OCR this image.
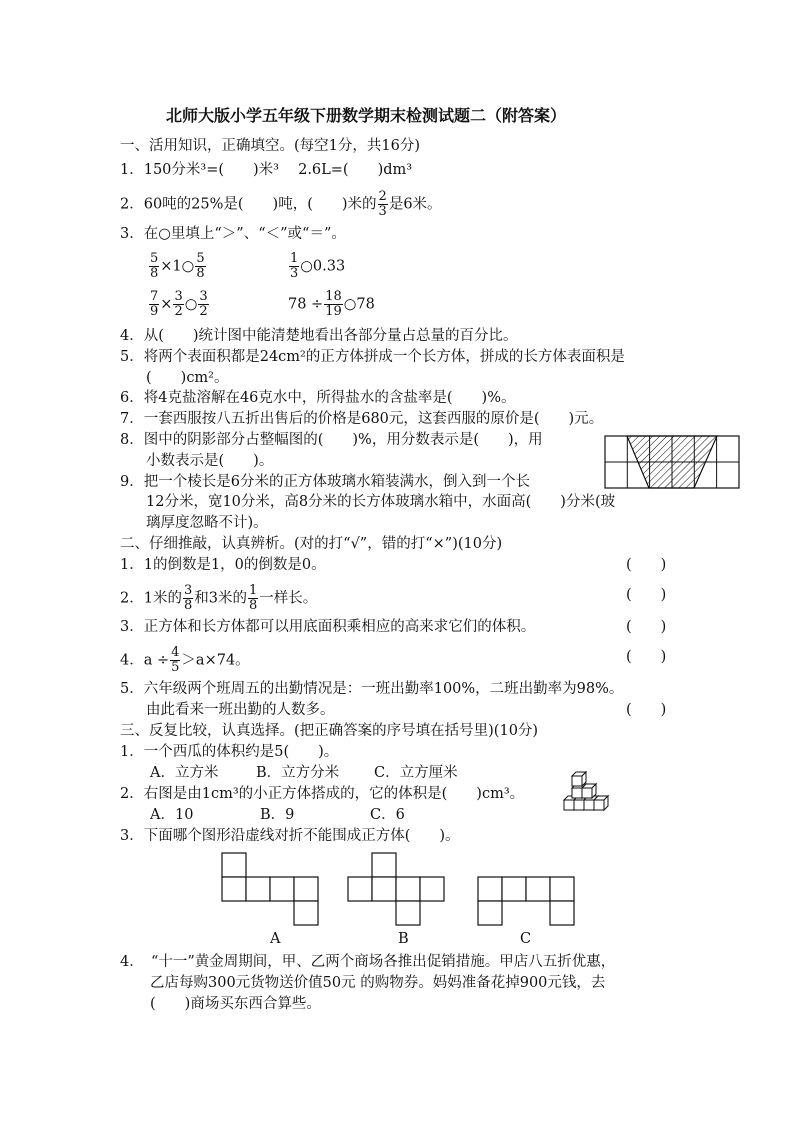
北师大版小学五年级下册数学期末检测试题二（附答案）
一、活用知识，正确填空。(每空1分，共16分)
1．150分米³=(　　)米³　 2.6L=(　　)dm³
2．60吨的25%是(　　)吨，(　　)米的 $\frac{2}{3}$ 是6米。
3．在○里填上“＞”、“＜”或“＝”。
$\frac{5}{8}$ ×1○ $\frac{5}{8}$	$\frac{1}{3}$ ○0.33
$\frac{7}{9} \times \frac{3}{2}$ ○ $\frac{3}{2}$	$78 \div \frac{18}{19}$ ○78
4．从(　　)统计图中能清楚地看出各部分量占总量的百分比。
5．将两个表面积都是24cm²的正方体拼成一个长方体，拼成的长方体表面积是
(　　)cm²。
6．将4克盐溶解在46克水中，所得盐水的含盐率是(　　)%。
7．一套西服按八五折出售后的价格是680元，这套西服的原价是(　　)元。
8．图中的阴影部分占整幅图的(　　)%，用分数表示是(　　)，用
小数表示是(　　)。
9．把一个棱长是6分米的正方体玻璃水箱装满水，倒入到一个长
12分米，宽10分米，高8分米的长方体玻璃水箱中，水面高(　　)分米(玻
璃厚度忽略不计)。
二、仔细推敲，认真辨析。(对的打“√”，错的打“×”)(10分)
1．1的倒数是1，0的倒数是0。	(　　)
2．1米的 $\frac{3}{8}$ 和3米的 $\frac{1}{8}$ 一样长。	(　　)
3．正方体和长方体都可以用底面积乘相应的高来求它们的体积。	(　　)
4．$a \div \frac{4}{5} >a\times 74$。	(　　)
5．六年级两个班周五的出勤情况是：一班出勤率100%，二班出勤率为98%。
由此看来一班出勤的人数多。	(　　)
三、反复比较，认真选择。(把正确答案的序号填在括号里)(10分)
1．一个西瓜的体积约是5(　　)。
A．立方米	B．立方分米 C．立方厘米
2．右图是由1cm³的小正方体搭成的，它的体积是(　　)cm³。
A．10	B．9	C．6
3．下面哪个图形沿虚线对折不能围成正方体(　　)。
A	B	C
4．　“十一”黄金周期间，甲、乙两个商场各推出促销措施。甲店八五折优惠，
乙店每购300元货物送价值50元 的购物券。妈妈准备花掉900元钱，去
(　　)商场买东西合算些。
